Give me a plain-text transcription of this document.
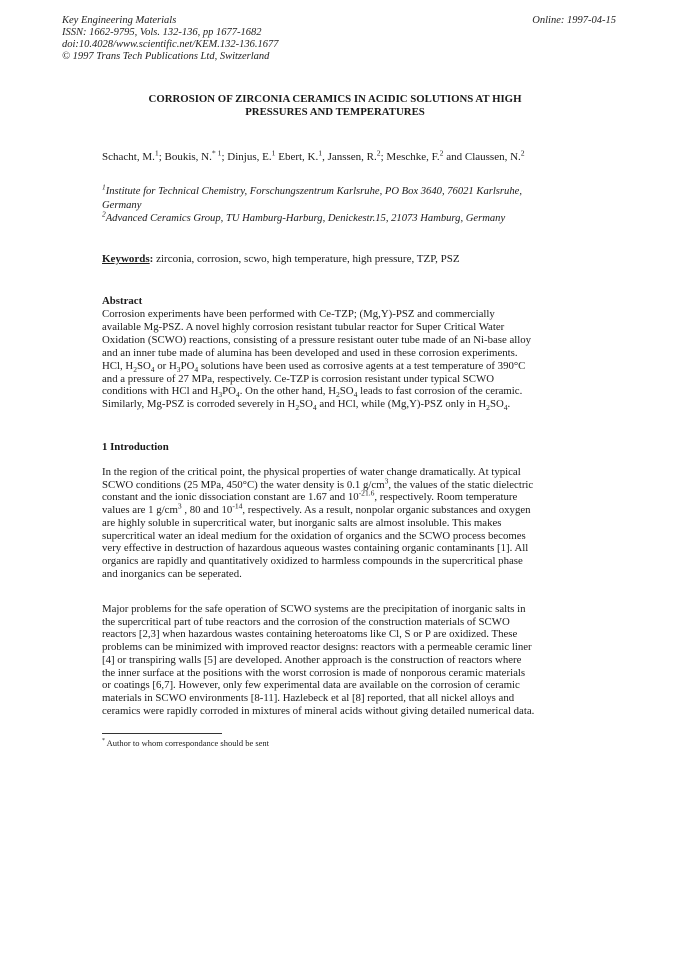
Key Engineering Materials
ISSN: 1662-9795, Vols. 132-136, pp 1677-1682
doi:10.4028/www.scientific.net/KEM.132-136.1677
© 1997 Trans Tech Publications Ltd, Switzerland
Online: 1997-04-15
CORROSION OF ZIRCONIA CERAMICS IN ACIDIC SOLUTIONS AT HIGH
PRESSURES AND TEMPERATURES
Schacht, M.$^1$; Boukis, N.$^{* 1}$; Dinjus, E.$^1$ Ebert, K.$^1$, Janssen, R.$^2$; Meschke, F.$^2$ and Claussen, N.$^2$
$^1$Institute for Technical Chemistry, Forschungszentrum Karlsruhe, PO Box 3640, 76021 Karlsruhe,
Germany
$^2$Advanced Ceramics Group, TU Hamburg-Harburg, Denickestr.15, 21073 Hamburg, Germany
Keywords: zirconia, corrosion, scwo, high temperature, high pressure, TZP, PSZ
Abstract
Corrosion experiments have been performed with Ce-TZP; (Mg,Y)-PSZ and commercially
available Mg-PSZ. A novel highly corrosion resistant tubular reactor for Super Critical Water
Oxidation (SCWO) reactions, consisting of a pressure resistant outer tube made of an Ni-base alloy
and an inner tube made of alumina has been developed and used in these corrosion experiments.
HCl, $H_2SO_4$ or $H_3PO_4$ solutions have been used as corrosive agents at a test temperature of 390°C
and a pressure of 27 MPa, respectively. Ce-TZP is corrosion resistant under typical SCWO
conditions with HCl and $H_3PO_4$. On the other hand, $H_2SO_4$ leads to fast corrosion of the ceramic.
Similarly, Mg-PSZ is corroded severely in $H_2SO_4$ and HCl, while (Mg,Y)-PSZ only in $H_2SO_4$.
1 Introduction
In the region of the critical point, the physical properties of water change dramatically. At typical
SCWO conditions (25 MPa, 450°C) the water density is 0.1 $g/cm^3$, the values of the static dielectric
constant and the ionic dissociation constant are 1.67 and $10^{-21.6}$, respectively. Room temperature
values are 1 $g/cm^3$ , 80 and $10^{-14}$, respectively. As a result, nonpolar organic substances and oxygen
are highly soluble in supercritical water, but inorganic salts are almost insoluble. This makes
supercritical water an ideal medium for the oxidation of organics and the SCWO process becomes
very effective in destruction of hazardous aqueous wastes containing organic contaminants [1]. All
organics are rapidly and quantitatively oxidized to harmless compounds in the supercritical phase
and inorganics can be seperated.
Major problems for the safe operation of SCWO systems are the precipitation of inorganic salts in
the supercritical part of tube reactors and the corrosion of the construction materials of SCWO
reactors [2,3] when hazardous wastes containing heteroatoms like Cl, S or P are oxidized. These
problems can be minimized with improved reactor designs: reactors with a permeable ceramic liner
[4] or transpiring walls [5] are developed. Another approach is the construction of reactors where
the inner surface at the positions with the worst corrosion is made of nonporous ceramic materials
or coatings [6,7]. However, only few experimental data are available on the corrosion of ceramic
materials in SCWO environments [8-11]. Hazlebeck et al [8] reported, that all nickel alloys and
ceramics were rapidly corroded in mixtures of mineral acids without giving detailed numerical data.
* Author to whom correspondance should be sent
